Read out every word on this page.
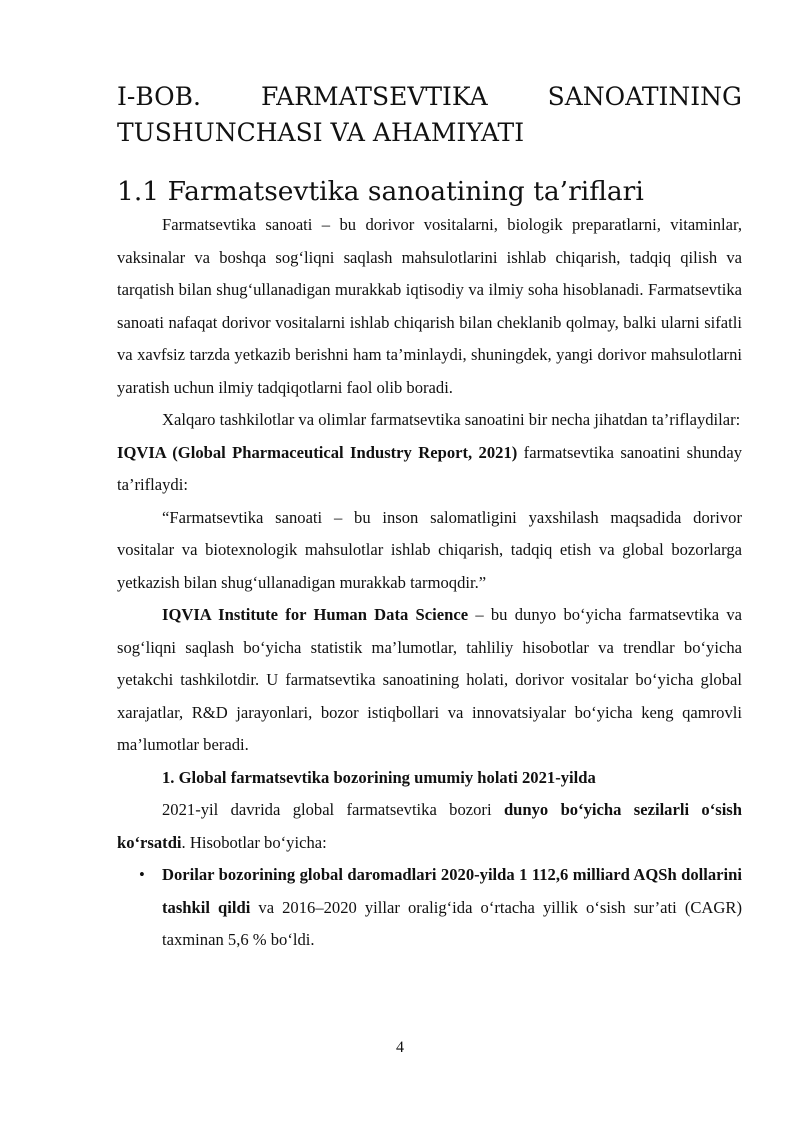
I-BOB. FARMATSEVTIKA SANOATINING
TUSHUNCHASI VA AHAMIYATI
1.1 Farmatsevtika sanoatining ta’riflari

Farmatsevtika sanoati – bu dorivor vositalarni, biologik preparatlarni, vitaminlar, vaksinalar va boshqa sog‘liqni saqlash mahsulotlarini ishlab chiqarish, tadqiq qilish va tarqatish bilan shug‘ullanadigan murakkab iqtisodiy va ilmiy soha hisoblanadi. Farmatsevtika sanoati nafaqat dorivor vositalarni ishlab chiqarish bilan cheklanib qolmay, balki ularni sifatli va xavfsiz tarzda yetkazib berishni ham ta’minlaydi, shuningdek, yangi dorivor mahsulotlarni yaratish uchun ilmiy tadqiqotlarni faol olib boradi.

Xalqaro tashkilotlar va olimlar farmatsevtika sanoatini bir necha jihatdan ta’riflaydilar:

IQVIA (Global Pharmaceutical Industry Report, 2021) farmatsevtika sanoatini shunday ta’riflaydi:

“Farmatsevtika sanoati – bu inson salomatligini yaxshilash maqsadida dorivor vositalar va biotexnologik mahsulotlar ishlab chiqarish, tadqiq etish va global bozorlarga yetkazish bilan shug‘ullanadigan murakkab tarmoqdir.”

IQVIA Institute for Human Data Science – bu dunyo bo‘yicha farmatsevtika va sog‘liqni saqlash bo‘yicha statistik ma’lumotlar, tahliliy hisobotlar va trendlar bo‘yicha yetakchi tashkilotdir. U farmatsevtika sanoatining holati, dorivor vositalar bo‘yicha global xarajatlar, R&D jarayonlari, bozor istiqbollari va innovatsiyalar bo‘yicha keng qamrovli ma’lumotlar beradi.

1. Global farmatsevtika bozorining umumiy holati 2021-yilda

2021-yil davrida global farmatsevtika bozori dunyo bo‘yicha sezilarli o‘sish ko‘rsatdi. Hisobotlar bo‘yicha:

• Dorilar bozorining global daromadlari 2020-yilda 1 112,6 milliard AQSh dollarini tashkil qildi va 2016–2020 yillar oralig‘ida o‘rtacha yillik o‘sish sur’ati (CAGR) taxminan 5,6 % bo‘ldi.

4
